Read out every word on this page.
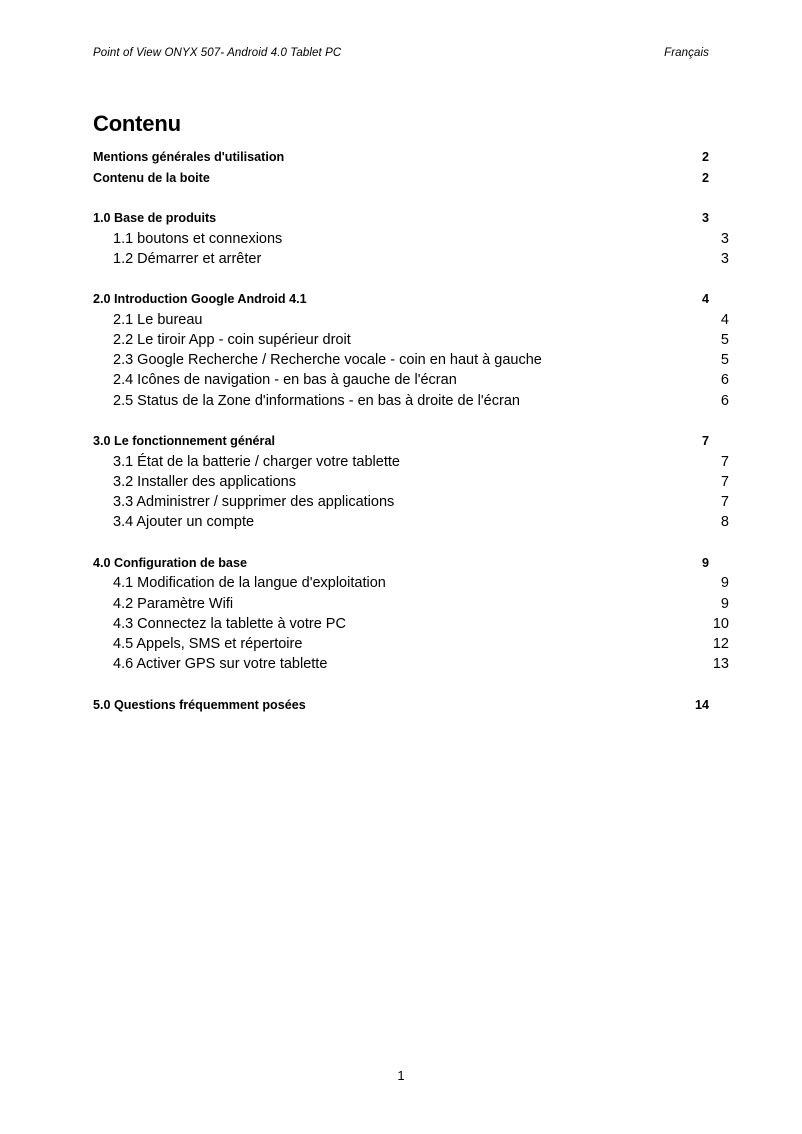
Point of View ONYX 507- Android 4.0 Tablet PC	Français
Contenu
Mentions générales d'utilisation	2
Contenu de la boite	2
1.0 Base de produits	3
1.1 boutons et connexions	3
1.2 Démarrer et arrêter	3
2.0 Introduction Google Android 4.1	4
2.1 Le bureau	4
2.2 Le tiroir App - coin supérieur droit	5
2.3 Google Recherche / Recherche vocale - coin en haut à gauche	5
2.4 Icônes de navigation - en bas à gauche de l'écran	6
2.5 Status de la Zone d'informations - en bas à droite de l'écran	6
3.0 Le fonctionnement général	7
3.1 État de la batterie / charger votre tablette	7
3.2 Installer des applications	7
3.3 Administrer / supprimer des applications	7
3.4 Ajouter un compte	8
4.0 Configuration de base	9
4.1 Modification de la langue d'exploitation	9
4.2 Paramètre Wifi	9
4.3 Connectez la tablette à votre PC	10
4.5 Appels, SMS et répertoire	12
4.6 Activer GPS sur votre tablette	13
5.0 Questions fréquemment posées	14
1
